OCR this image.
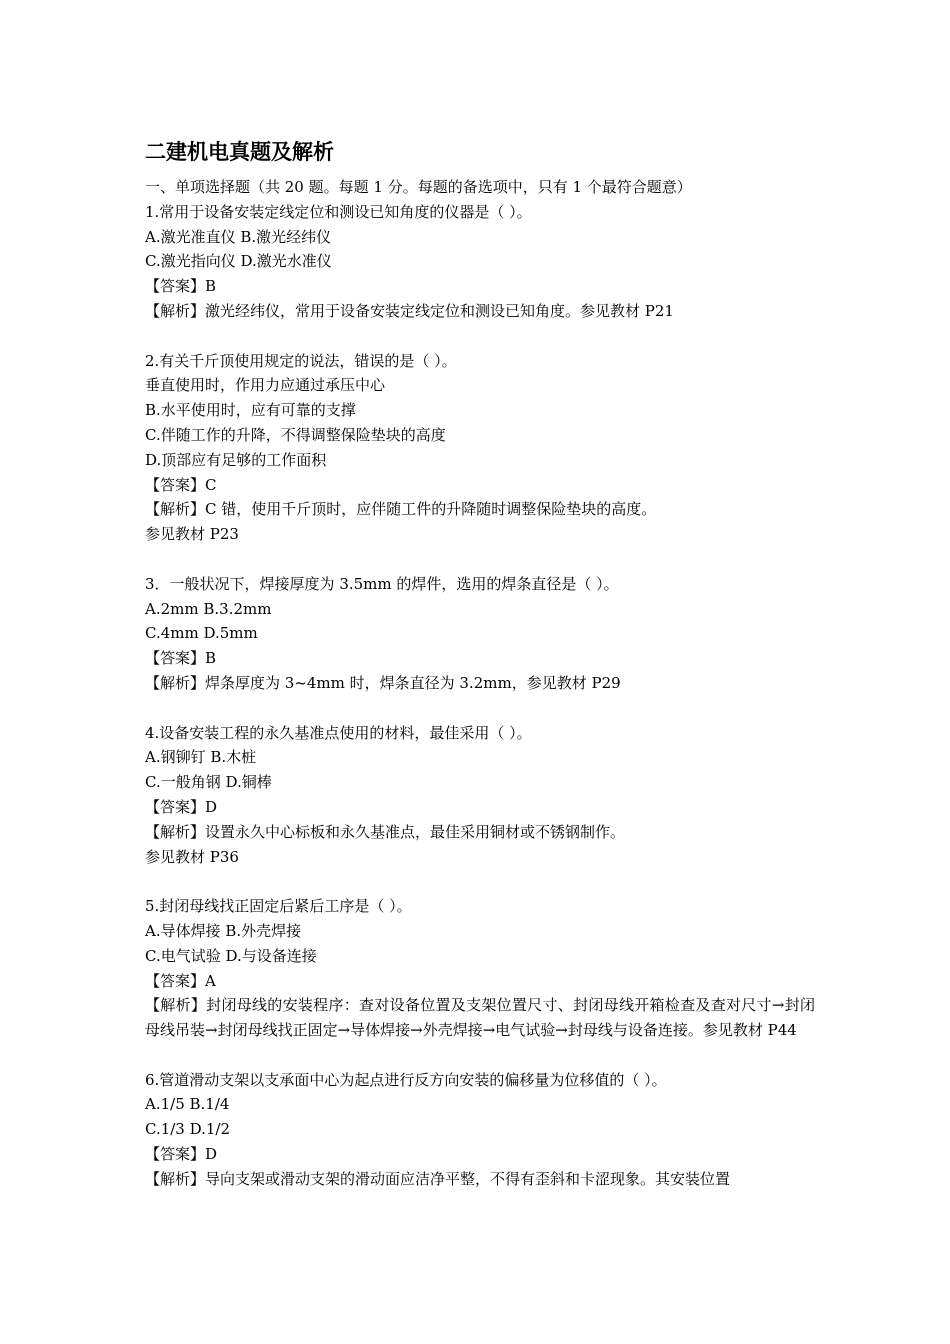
二建机电真题及解析

一、单项选择题（共 20 题。每题 1 分。每题的备选项中，只有 1 个最符合题意）

1.常用于设备安装定线定位和测设已知角度的仪器是（ ）。

A.激光准直仪 B.激光经纬仪

C.激光指向仪 D.激光水准仪

【答案】B

【解析】激光经纬仪，常用于设备安装定线定位和测设已知角度。参见教材 P21

2.有关千斤顶使用规定的说法，错误的是（ ）。

垂直使用时，作用力应通过承压中心

B.水平使用时，应有可靠的支撑

C.伴随工作的升降，不得调整保险垫块的高度

D.顶部应有足够的工作面积

【答案】C

【解析】C 错，使用千斤顶时，应伴随工件的升降随时调整保险垫块的高度。

参见教材 P23

3．一般状况下，焊接厚度为 3.5mm 的焊件，选用的焊条直径是（ ）。

A.2mm B.3.2mm

C.4mm D.5mm

【答案】B

【解析】焊条厚度为 3~4mm 时，焊条直径为 3.2mm，参见教材 P29

4.设备安装工程的永久基准点使用的材料，最佳采用（ ）。

A.钢铆钉 B.木桩

C.一般角钢 D.铜棒

【答案】D

【解析】设置永久中心标板和永久基准点，最佳采用铜材或不锈钢制作。

参见教材 P36

5.封闭母线找正固定后紧后工序是（ ）。

A.导体焊接 B.外壳焊接

C.电气试验 D.与设备连接

【答案】A

【解析】封闭母线的安装程序：查对设备位置及支架位置尺寸、封闭母线开箱检查及查对尺寸→封闭母线吊装→封闭母线找正固定→导体焊接→外壳焊接→电气试验→封母线与设备连接。参见教材 P44

6.管道滑动支架以支承面中心为起点进行反方向安装的偏移量为位移值的（ ）。

A.1/5 B.1/4

C.1/3 D.1/2

【答案】D

【解析】导向支架或滑动支架的滑动面应洁净平整，不得有歪斜和卡涩现象。其安装位置
